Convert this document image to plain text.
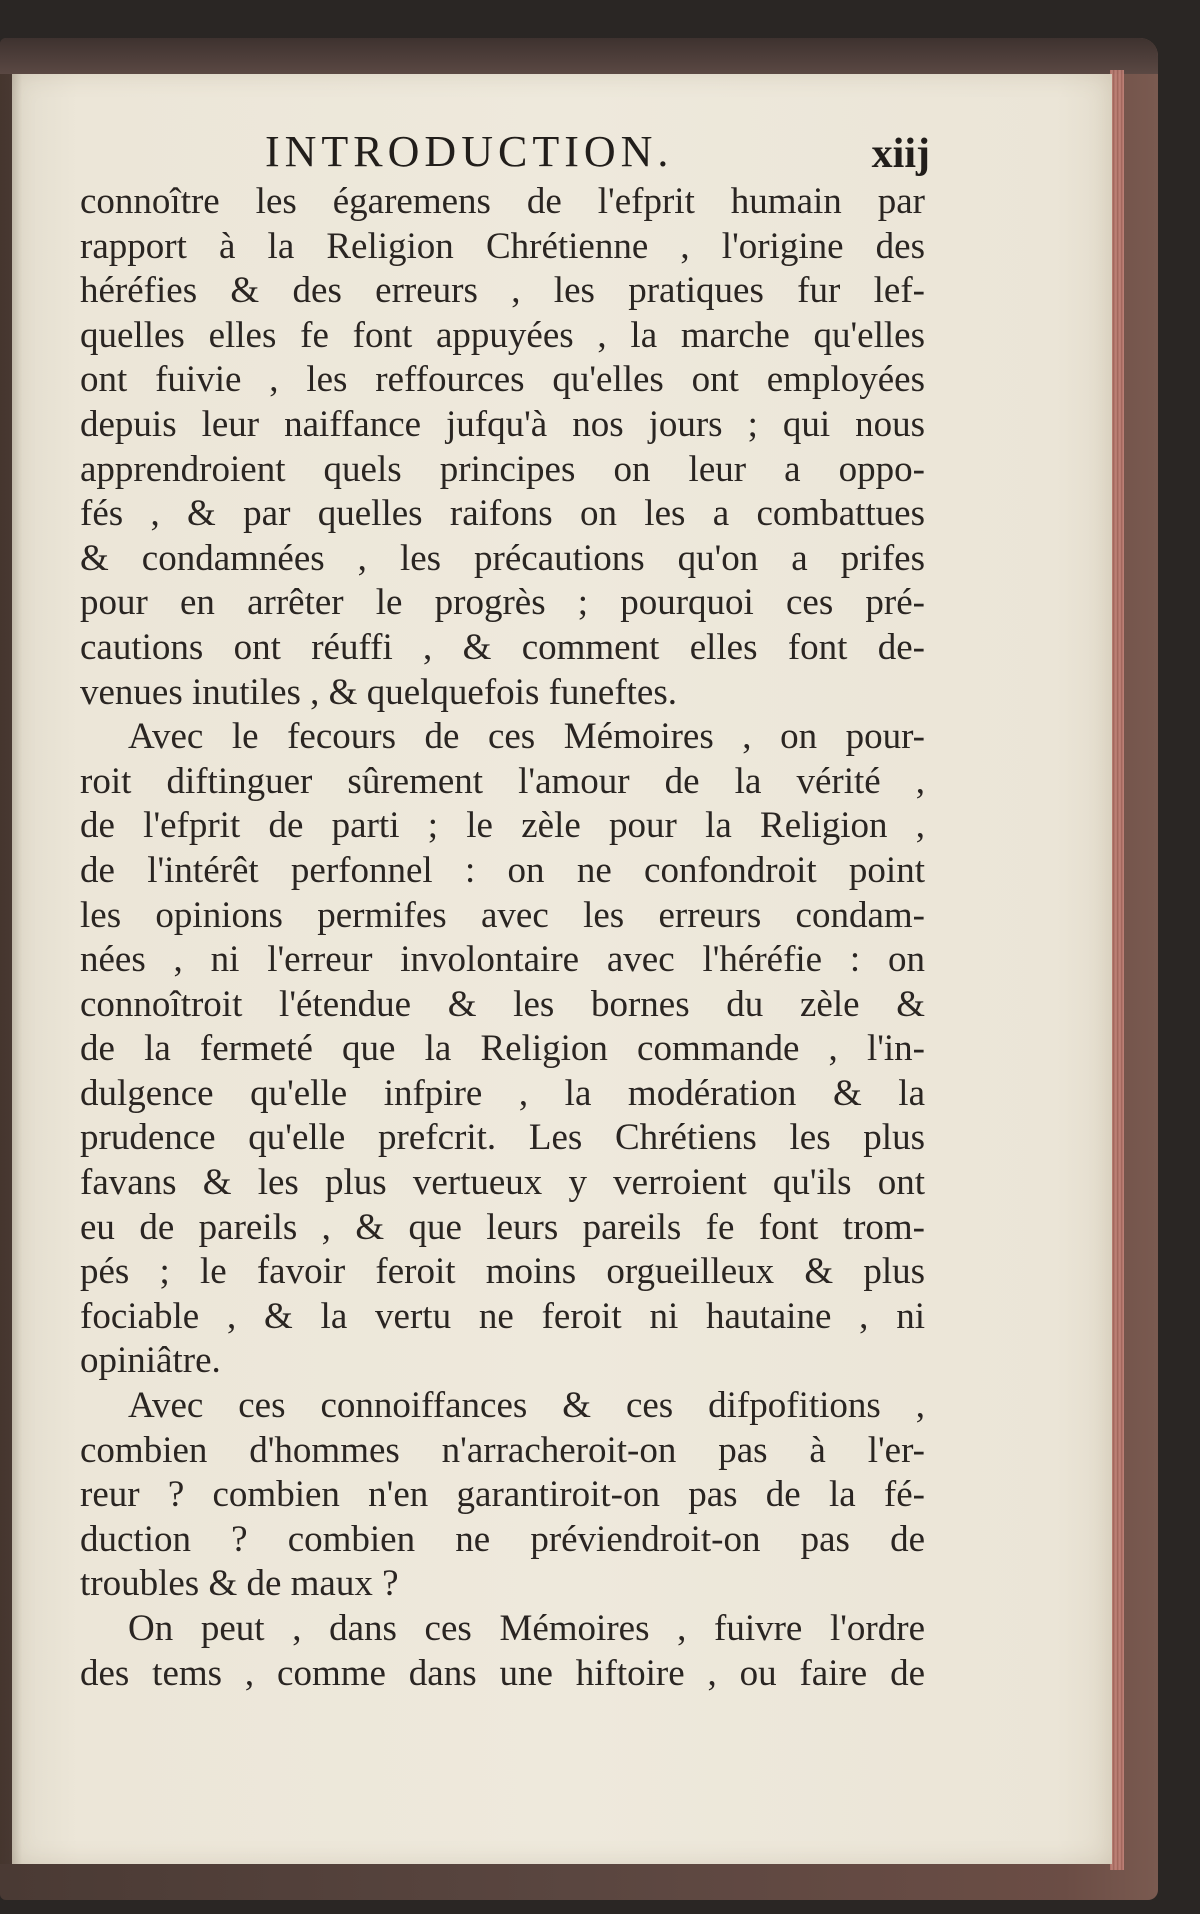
INTRODUCTION.	xiij
connoître les égaremens de l'efprit humain par
rapport à la Religion Chrétienne , l'origine des
héréfies & des erreurs , les pratiques fur lef-
quelles elles fe font appuyées , la marche qu'elles
ont fuivie , les reffources qu'elles ont employées
depuis leur naiffance jufqu'à nos jours ; qui nous
apprendroient quels principes on leur a oppo-
fés , & par quelles raifons on les a combattues
& condamnées , les précautions qu'on a prifes
pour en arrêter le progrès ; pourquoi ces pré-
cautions ont réuffi , & comment elles font de-
venues inutiles , & quelquefois funeftes.
Avec le fecours de ces Mémoires , on pour-
roit diftinguer sûrement l'amour de la vérité ,
de l'efprit de parti ; le zèle pour la Religion ,
de l'intérêt perfonnel : on ne confondroit point
les opinions permifes avec les erreurs condam-
nées , ni l'erreur involontaire avec l'héréfie : on
connoîtroit l'étendue & les bornes du zèle &
de la fermeté que la Religion commande , l'in-
dulgence qu'elle infpire , la modération & la
prudence qu'elle prefcrit. Les Chrétiens les plus
favans & les plus vertueux y verroient qu'ils ont
eu de pareils , & que leurs pareils fe font trom-
pés ; le favoir feroit moins orgueilleux & plus
fociable , & la vertu ne feroit ni hautaine , ni
opiniâtre.
Avec ces connoiffances & ces difpofitions ,
combien d'hommes n'arracheroit-on pas à l'er-
reur ? combien n'en garantiroit-on pas de la fé-
duction ? combien ne préviendroit-on pas de
troubles & de maux ?
On peut , dans ces Mémoires , fuivre l'ordre
des tems , comme dans une hiftoire , ou faire de
